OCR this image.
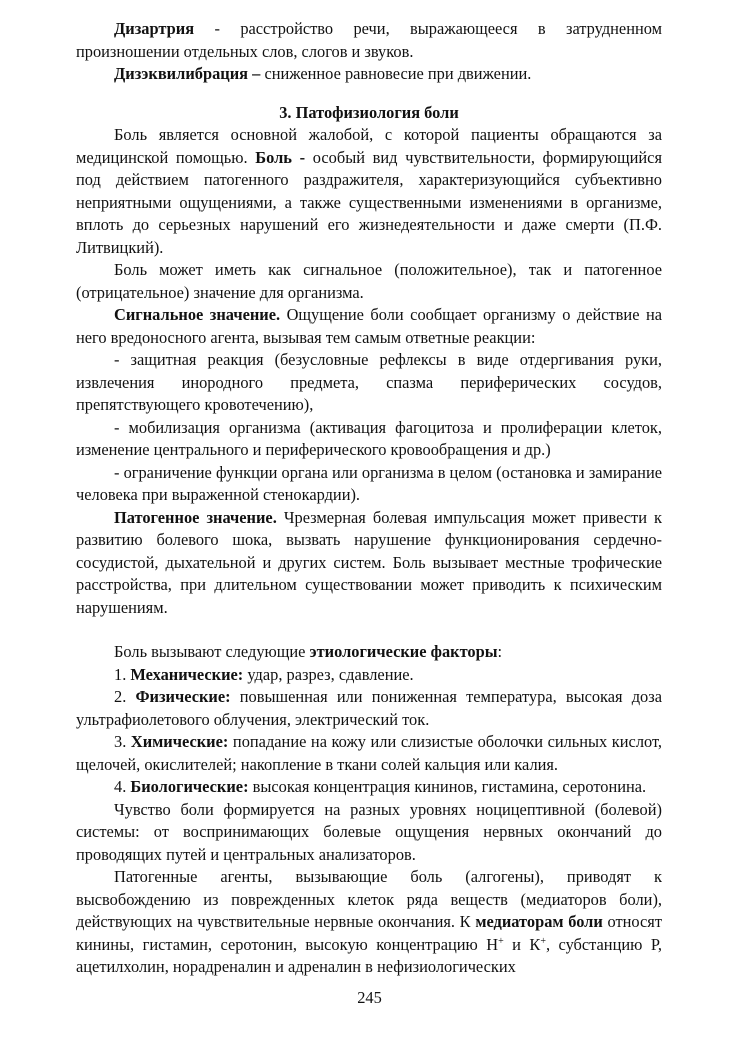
Дизартрия - расстройство речи, выражающееся в затрудненном произношении отдельных слов, слогов и звуков.

Дизэквилибрация – сниженное равновесие при движении.

3. Патофизиология боли

Боль является основной жалобой, с которой пациенты обращаются за медицинской помощью. Боль - особый вид чувствительности, формирующийся под действием патогенного раздражителя, характеризующийся субъективно неприятными ощущениями, а также существенными изменениями в организме, вплоть до серьезных нарушений его жизнедеятельности и даже смерти (П.Ф. Литвицкий).

Боль может иметь как сигнальное (положительное), так и патогенное (отрицательное) значение для организма.

Сигнальное значение. Ощущение боли сообщает организму о действие на него вредоносного агента, вызывая тем самым ответные реакции:

- защитная реакция (безусловные рефлексы в виде отдергивания руки, извлечения инородного предмета, спазма периферических сосудов, препятствующего кровотечению),

- мобилизация организма (активация фагоцитоза и пролиферации клеток, изменение центрального и периферического кровообращения и др.)

- ограничение функции органа или организма в целом (остановка и замирание человека при выраженной стенокардии).

Патогенное значение. Чрезмерная болевая импульсация может привести к развитию болевого шока, вызвать нарушение функционирования сердечно-сосудистой, дыхательной и других систем. Боль вызывает местные трофические расстройства, при длительном существовании может приводить к психическим нарушениям.

Боль вызывают следующие этиологические факторы:

1. Механические: удар, разрез, сдавление.

2. Физические: повышенная или пониженная температура, высокая доза ультрафиолетового облучения, электрический ток.

3. Химические: попадание на кожу или слизистые оболочки сильных кислот, щелочей, окислителей; накопление в ткани солей кальция или калия.

4. Биологические: высокая концентрация кининов, гистамина, серотонина.

Чувство боли формируется на разных уровнях ноцицептивной (болевой) системы: от воспринимающих болевые ощущения нервных окончаний до проводящих путей и центральных анализаторов.

Патогенные агенты, вызывающие боль (алгогены), приводят к высвобождению из поврежденных клеток ряда веществ (медиаторов боли), действующих на чувствительные нервные окончания. К медиаторам боли относят кинины, гистамин, серотонин, высокую концентрацию Н+ и К+, субстанцию Р, ацетилхолин, норадреналин и адреналин в нефизиологических

245
